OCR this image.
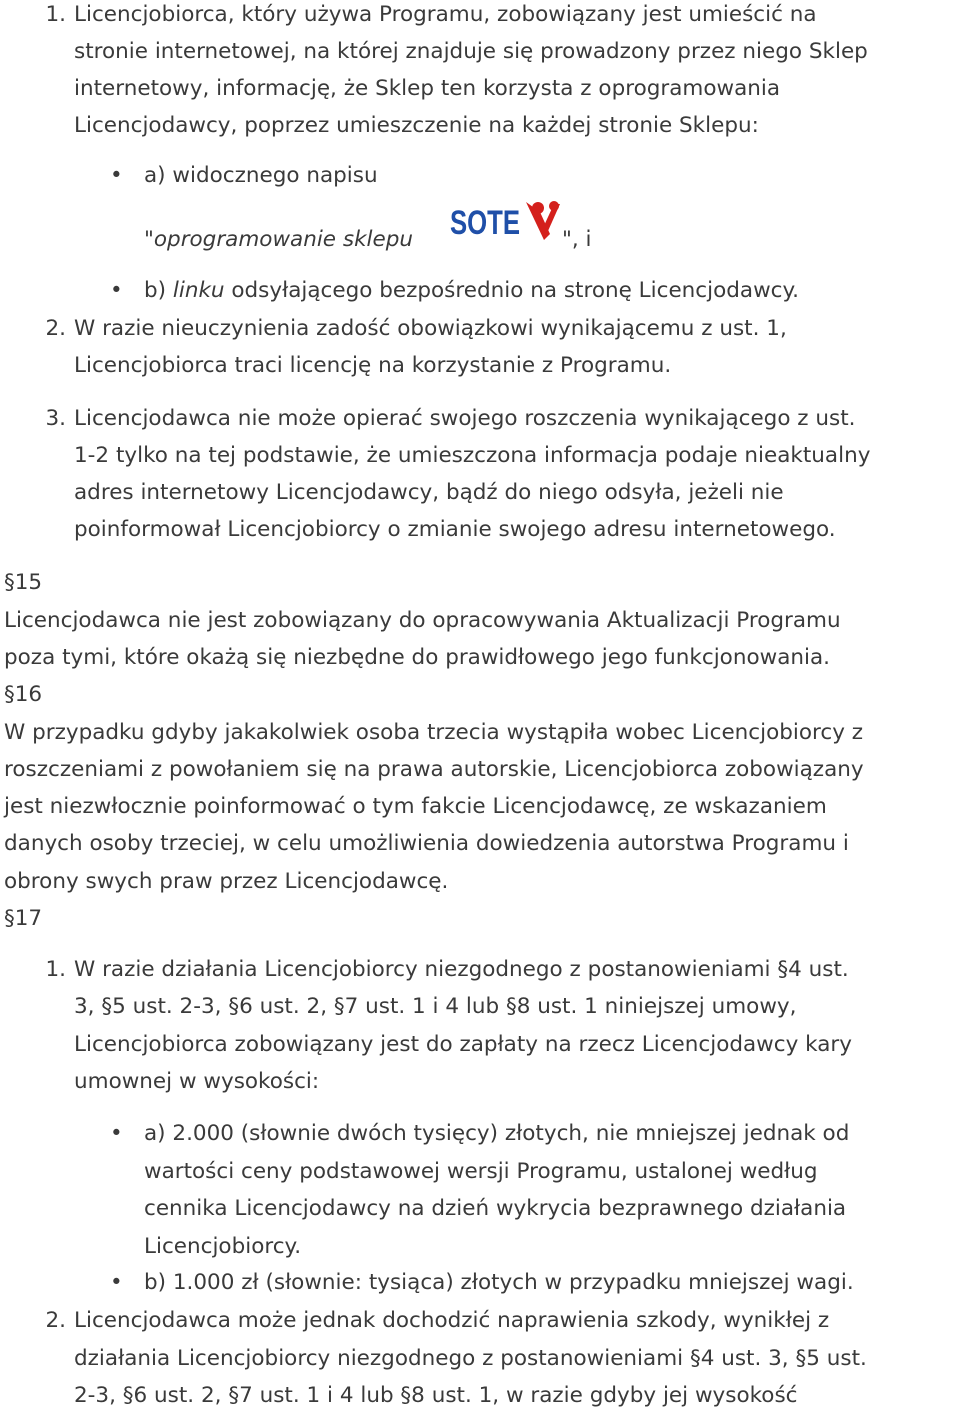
1. Licencjobiorca, który używa Programu, zobowiązany jest umieścić na
stronie internetowej, na której znajduje się prowadzony przez niego Sklep
internetowy, informację, że Sklep ten korzysta z oprogramowania
Licencjodawcy, poprzez umieszczenie na każdej stronie Sklepu:
• a) widocznego napisu
"oprogramowanie sklepu SOTE ", i
• b) linku odsyłającego bezpośrednio na stronę Licencjodawcy.
2. W razie nieuczynienia zadość obowiązkowi wynikającemu z ust. 1,
Licencjobiorca traci licencję na korzystanie z Programu.
3. Licencjodawca nie może opierać swojego roszczenia wynikającego z ust.
1-2 tylko na tej podstawie, że umieszczona informacja podaje nieaktualny
adres internetowy Licencjodawcy, bądź do niego odsyła, jeżeli nie
poinformował Licencjobiorcy o zmianie swojego adresu internetowego.
§15
Licencjodawca nie jest zobowiązany do opracowywania Aktualizacji Programu
poza tymi, które okażą się niezbędne do prawidłowego jego funkcjonowania.
§16
W przypadku gdyby jakakolwiek osoba trzecia wystąpiła wobec Licencjobiorcy z
roszczeniami z powołaniem się na prawa autorskie, Licencjobiorca zobowiązany
jest niezwłocznie poinformować o tym fakcie Licencjodawcę, ze wskazaniem
danych osoby trzeciej, w celu umożliwienia dowiedzenia autorstwa Programu i
obrony swych praw przez Licencjodawcę.
§17
1. W razie działania Licencjobiorcy niezgodnego z postanowieniami §4 ust.
3, §5 ust. 2-3, §6 ust. 2, §7 ust. 1 i 4 lub §8 ust. 1 niniejszej umowy,
Licencjobiorca zobowiązany jest do zapłaty na rzecz Licencjodawcy kary
umownej w wysokości:
• a) 2.000 (słownie dwóch tysięcy) złotych, nie mniejszej jednak od
wartości ceny podstawowej wersji Programu, ustalonej według
cennika Licencjodawcy na dzień wykrycia bezprawnego działania
Licencjobiorcy.
• b) 1.000 zł (słownie: tysiąca) złotych w przypadku mniejszej wagi.
2. Licencjodawca może jednak dochodzić naprawienia szkody, wynikłej z
działania Licencjobiorcy niezgodnego z postanowieniami §4 ust. 3, §5 ust.
2-3, §6 ust. 2, §7 ust. 1 i 4 lub §8 ust. 1, w razie gdyby jej wysokość
